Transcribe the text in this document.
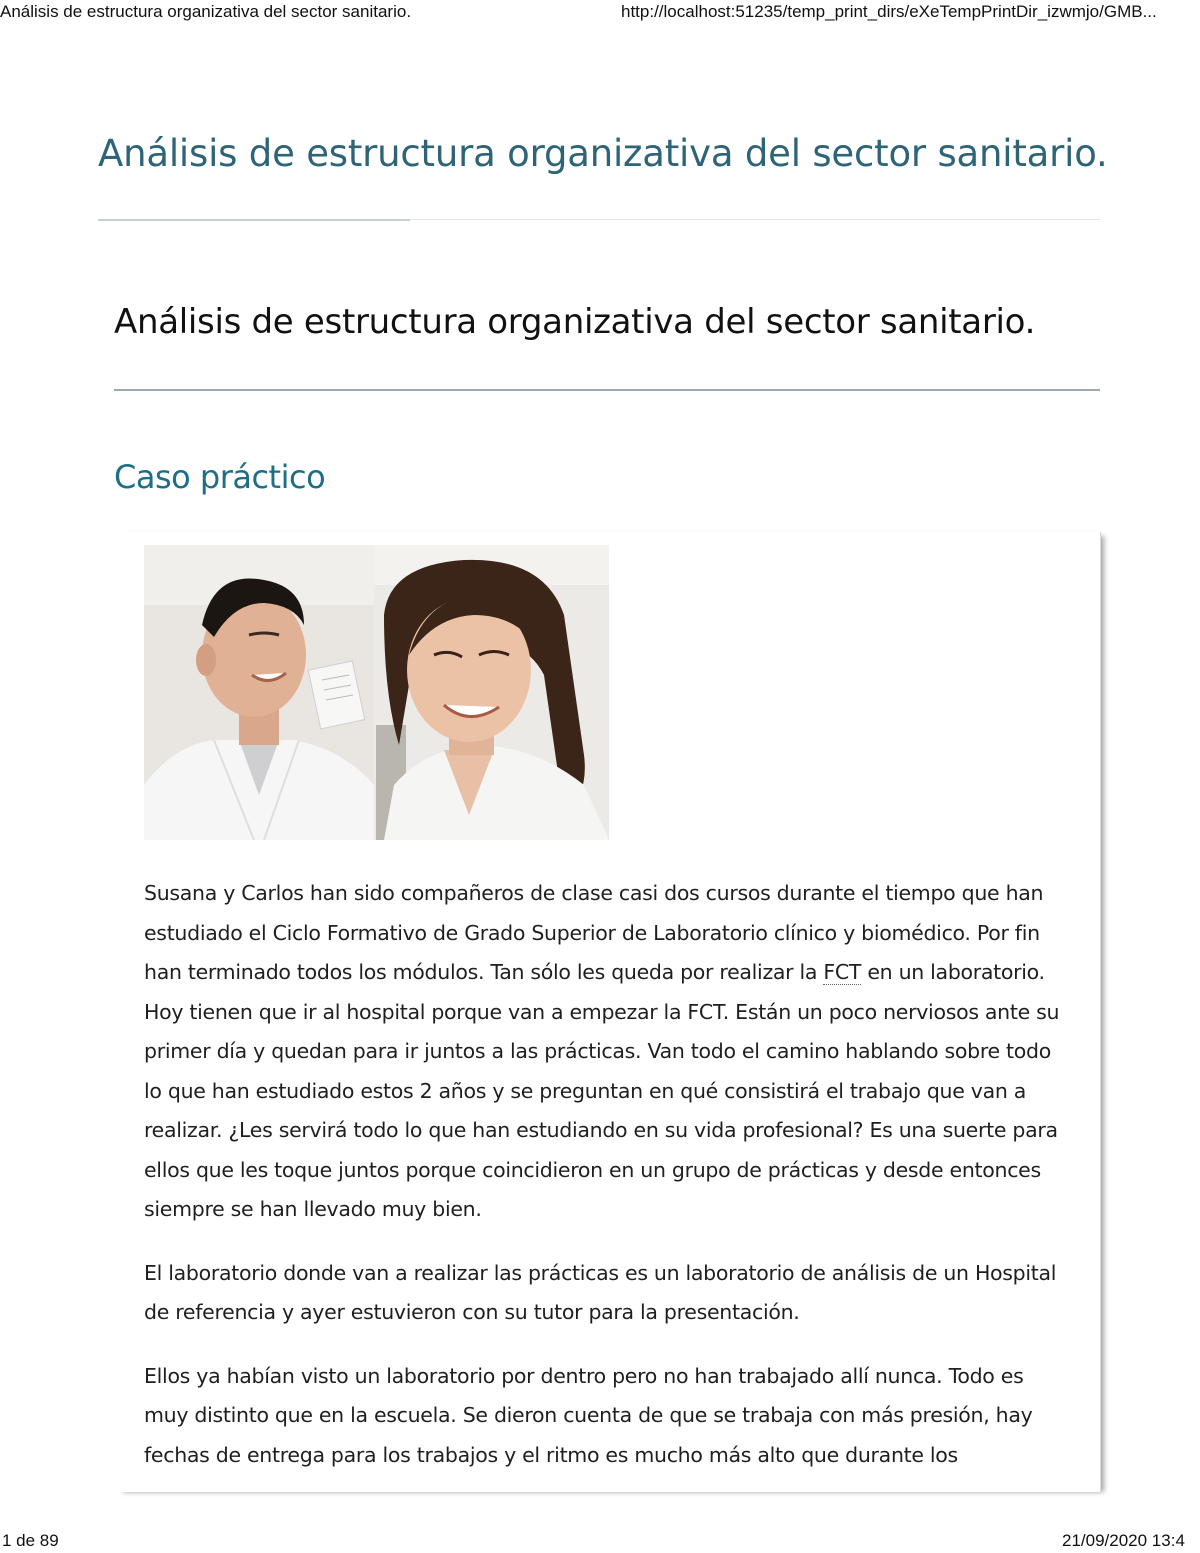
Análisis de estructura organizativa del sector sanitario.	http://localhost:51235/temp_print_dirs/eXeTempPrintDir_izwmjo/GMB...
Análisis de estructura organizativa del sector sanitario.
Análisis de estructura organizativa del sector sanitario.
Caso práctico

Susana y Carlos han sido compañeros de clase casi dos cursos durante el tiempo que han estudiado el Ciclo Formativo de Grado Superior de Laboratorio clínico y biomédico. Por fin han terminado todos los módulos. Tan sólo les queda por realizar la FCT en un laboratorio. Hoy tienen que ir al hospital porque van a empezar la FCT. Están un poco nerviosos ante su primer día y quedan para ir juntos a las prácticas. Van todo el camino hablando sobre todo lo que han estudiado estos 2 años y se preguntan en qué consistirá el trabajo que van a realizar. ¿Les servirá todo lo que han estudiando en su vida profesional? Es una suerte para ellos que les toque juntos porque coincidieron en un grupo de prácticas y desde entonces siempre se han llevado muy bien.

El laboratorio donde van a realizar las prácticas es un laboratorio de análisis de un Hospital de referencia y ayer estuvieron con su tutor para la presentación.

Ellos ya habían visto un laboratorio por dentro pero no han trabajado allí nunca. Todo es muy distinto que en la escuela. Se dieron cuenta de que se trabaja con más presión, hay fechas de entrega para los trabajos y el ritmo es mucho más alto que durante los

1 de 89	21/09/2020 13:4
